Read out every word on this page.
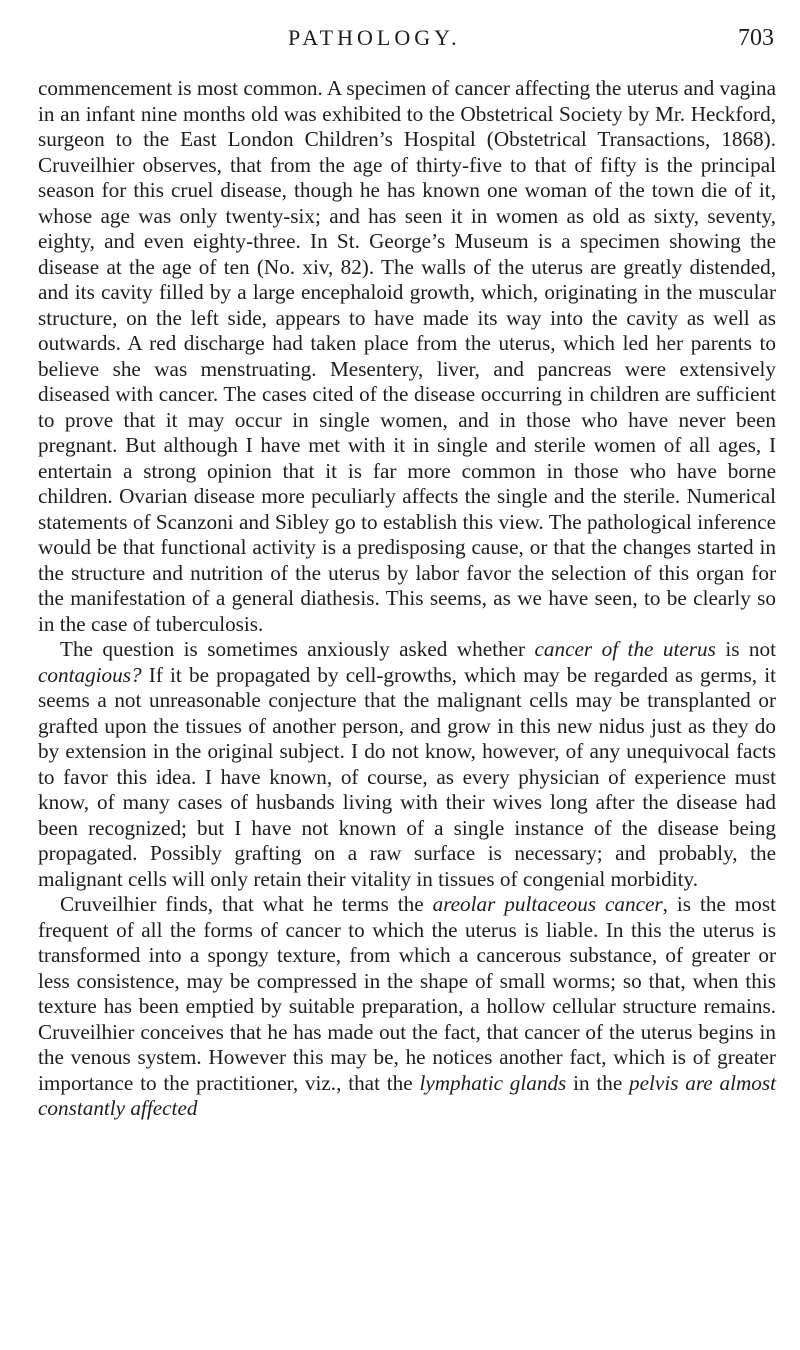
PATHOLOGY.	703

commencement is most common. A specimen of cancer affecting the uterus and vagina in an infant nine months old was exhibited to the Obstetrical Society by Mr. Heckford, surgeon to the East London Children’s Hospital (Obstetrical Transactions, 1868). Cruveilhier observes, that from the age of thirty-five to that of fifty is the principal season for this cruel disease, though he has known one woman of the town die of it, whose age was only twenty-six; and has seen it in women as old as sixty, seventy, eighty, and even eighty-three. In St. George’s Museum is a specimen showing the disease at the age of ten (No. xiv, 82). The walls of the uterus are greatly distended, and its cavity filled by a large encephaloid growth, which, originating in the muscular structure, on the left side, appears to have made its way into the cavity as well as outwards. A red discharge had taken place from the uterus, which led her parents to believe she was menstruating. Mesentery, liver, and pancreas were extensively diseased with cancer. The cases cited of the disease occurring in children are sufficient to prove that it may occur in single women, and in those who have never been pregnant. But although I have met with it in single and sterile women of all ages, I entertain a strong opinion that it is far more common in those who have borne children. Ovarian disease more peculiarly affects the single and the sterile. Numerical statements of Scanzoni and Sibley go to establish this view. The pathological inference would be that functional activity is a predisposing cause, or that the changes started in the structure and nutrition of the uterus by labor favor the selection of this organ for the manifestation of a general diathesis. This seems, as we have seen, to be clearly so in the case of tuberculosis.

The question is sometimes anxiously asked whether cancer of the uterus is not contagious? If it be propagated by cell-growths, which may be regarded as germs, it seems a not unreasonable conjecture that the malignant cells may be transplanted or grafted upon the tissues of another person, and grow in this new nidus just as they do by extension in the original subject. I do not know, however, of any unequivocal facts to favor this idea. I have known, of course, as every physician of experience must know, of many cases of husbands living with their wives long after the disease had been recognized; but I have not known of a single instance of the disease being propagated. Possibly grafting on a raw surface is necessary; and probably, the malignant cells will only retain their vitality in tissues of congenial morbidity.

Cruveilhier finds, that what he terms the areolar pultaceous cancer, is the most frequent of all the forms of cancer to which the uterus is liable. In this the uterus is transformed into a spongy texture, from which a cancerous substance, of greater or less consistence, may be compressed in the shape of small worms; so that, when this texture has been emptied by suitable preparation, a hollow cellular structure remains. Cruveilhier conceives that he has made out the fact, that cancer of the uterus begins in the venous system. However this may be, he notices another fact, which is of greater importance to the practitioner, viz., that the lymphatic glands in the pelvis are almost constantly affected
